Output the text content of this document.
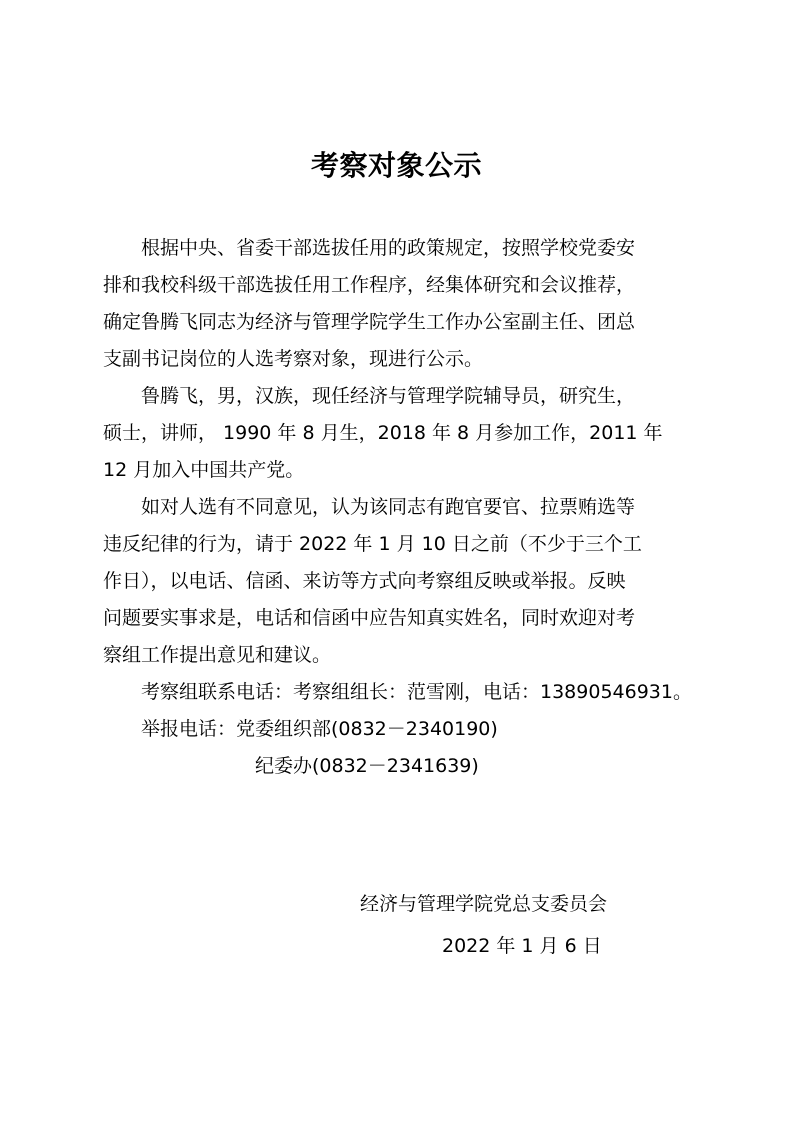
考察对象公示

根据中央、省委干部选拔任用的政策规定，按照学校党委安
排和我校科级干部选拔任用工作程序，经集体研究和会议推荐，
确定鲁腾飞同志为经济与管理学院学生工作办公室副主任、团总
支副书记岗位的人选考察对象，现进行公示。

鲁腾飞，男，汉族，现任经济与管理学院辅导员，研究生，
硕士，讲师， 1990 年 8 月生，2018 年 8 月参加工作，2011 年
12 月加入中国共产党。

如对人选有不同意见，认为该同志有跑官要官、拉票贿选等
违反纪律的行为，请于 2022 年 1 月 10 日之前（不少于三个工
作日），以电话、信函、来访等方式向考察组反映或举报。反映
问题要实事求是，电话和信函中应告知真实姓名，同时欢迎对考
察组工作提出意见和建议。

考察组联系电话：考察组组长：范雪刚，电话：13890546931。
举报电话：党委组织部(0832－2340190)
纪委办(0832－2341639)
经济与管理学院党总支委员会
2022 年 1 月 6 日
